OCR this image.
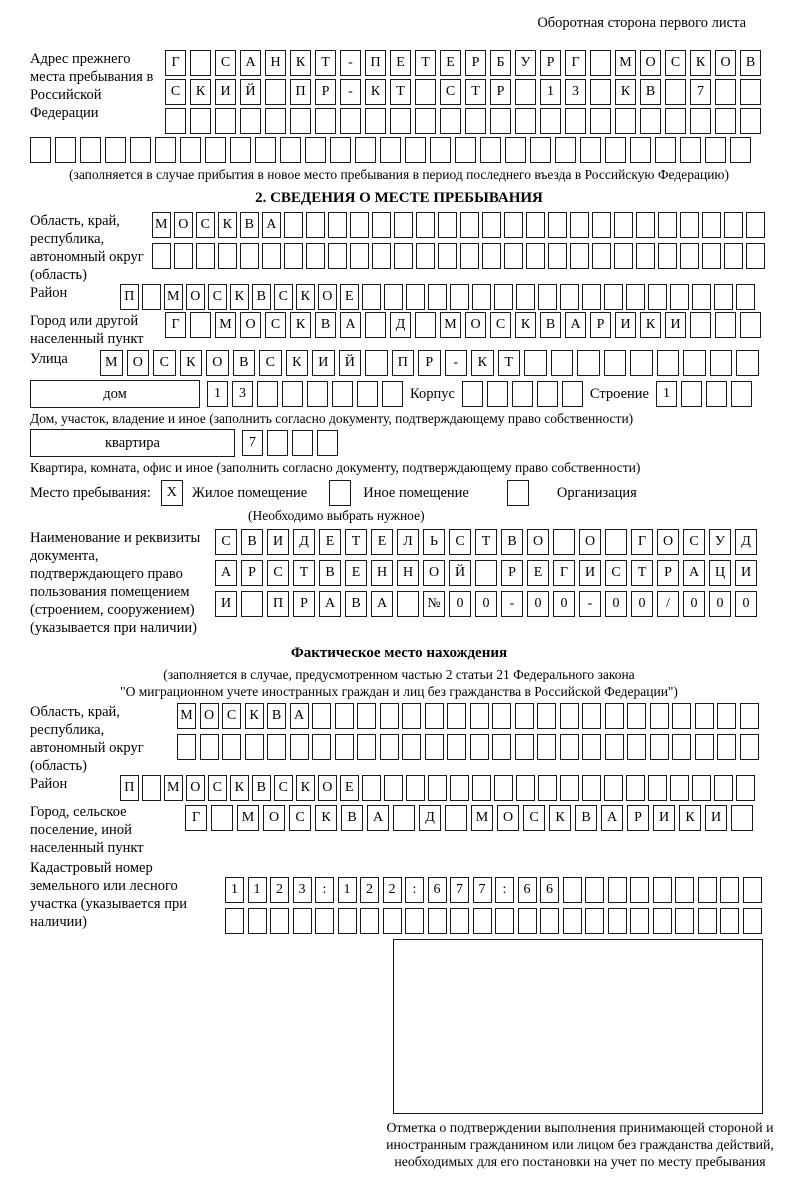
Оборотная сторона первого листа
Адрес прежнего места пребывания в Российской Федерации
Г	С	А	Н	К	Т	-	П	Е	Т	Е	Р	Б	У	Р	Г	М О	С	К	О	В
С	К	И	Й	П	Р	-	К	Т	С	Т	Р	1	3	К	В	7
(заполняется в случае прибытия в новое место пребывания в период последнего въезда в Российскую Федерацию)
2. СВЕДЕНИЯ О МЕСТЕ ПРЕБЫВАНИЯ
Область, край, республика, автономный округ (область)
М О С К В А
Район	П М О С К В С К О Е
Город или другой населенный пункт
Г	М О	С	К	В	А	Д	М О	С	К	В	А	Р	И	К	И
Улица	М	О	С	К	О	В	С	К	И	Й	П	Р	-	К	Т
дом	1	3	Корпус	Строение	1
Дом, участок, владение и иное (заполнить согласно документу, подтверждающему право собственности)
квартира	7
Квартира, комната, офис и иное (заполнить согласно документу, подтверждающему право собственности)
Место пребывания:	X	Жилое помещение	Иное помещение	Организация
(Необходимо выбрать нужное)
Наименование и реквизиты документа, подтверждающего право пользования помещением (строением, сооружением) (указывается при наличии)
С	В	И	Д	Е	Т	Е	Л	Ь	С	Т	В	О	О	Г	О	С	У	Д
А	Р	С	Т	В	Е	Н	Н	О	Й	Р	Е	Г	И	С	Т	Р	А	Ц	И
И	П	Р	А	В	А	№	0	0	-	0	0	-	0	0	/	0	0	0
Фактическое место нахождения
(заполняется в случае, предусмотренном частью 2 статьи 21 Федерального закона
"О миграционном учете иностранных граждан и лиц без гражданства в Российской Федерации")
Область, край, республика, автономный округ (область)
М О С К В А
Район	П М О С К В С К О Е
Город, сельское поселение, иной населенный пункт
Г	М	О	С	К	В	А	Д	М	О	С	К	В	А	Р	И	К	И
Кадастровый номер земельного или лесного участка (указывается при наличии)
1	1	2	3	:	1	2	2	:	6	7	7	:	6	6
Отметка о подтверждении выполнения принимающей стороной и иностранным гражданином или лицом без гражданства действий, необходимых для его постановки на учет по месту пребывания
